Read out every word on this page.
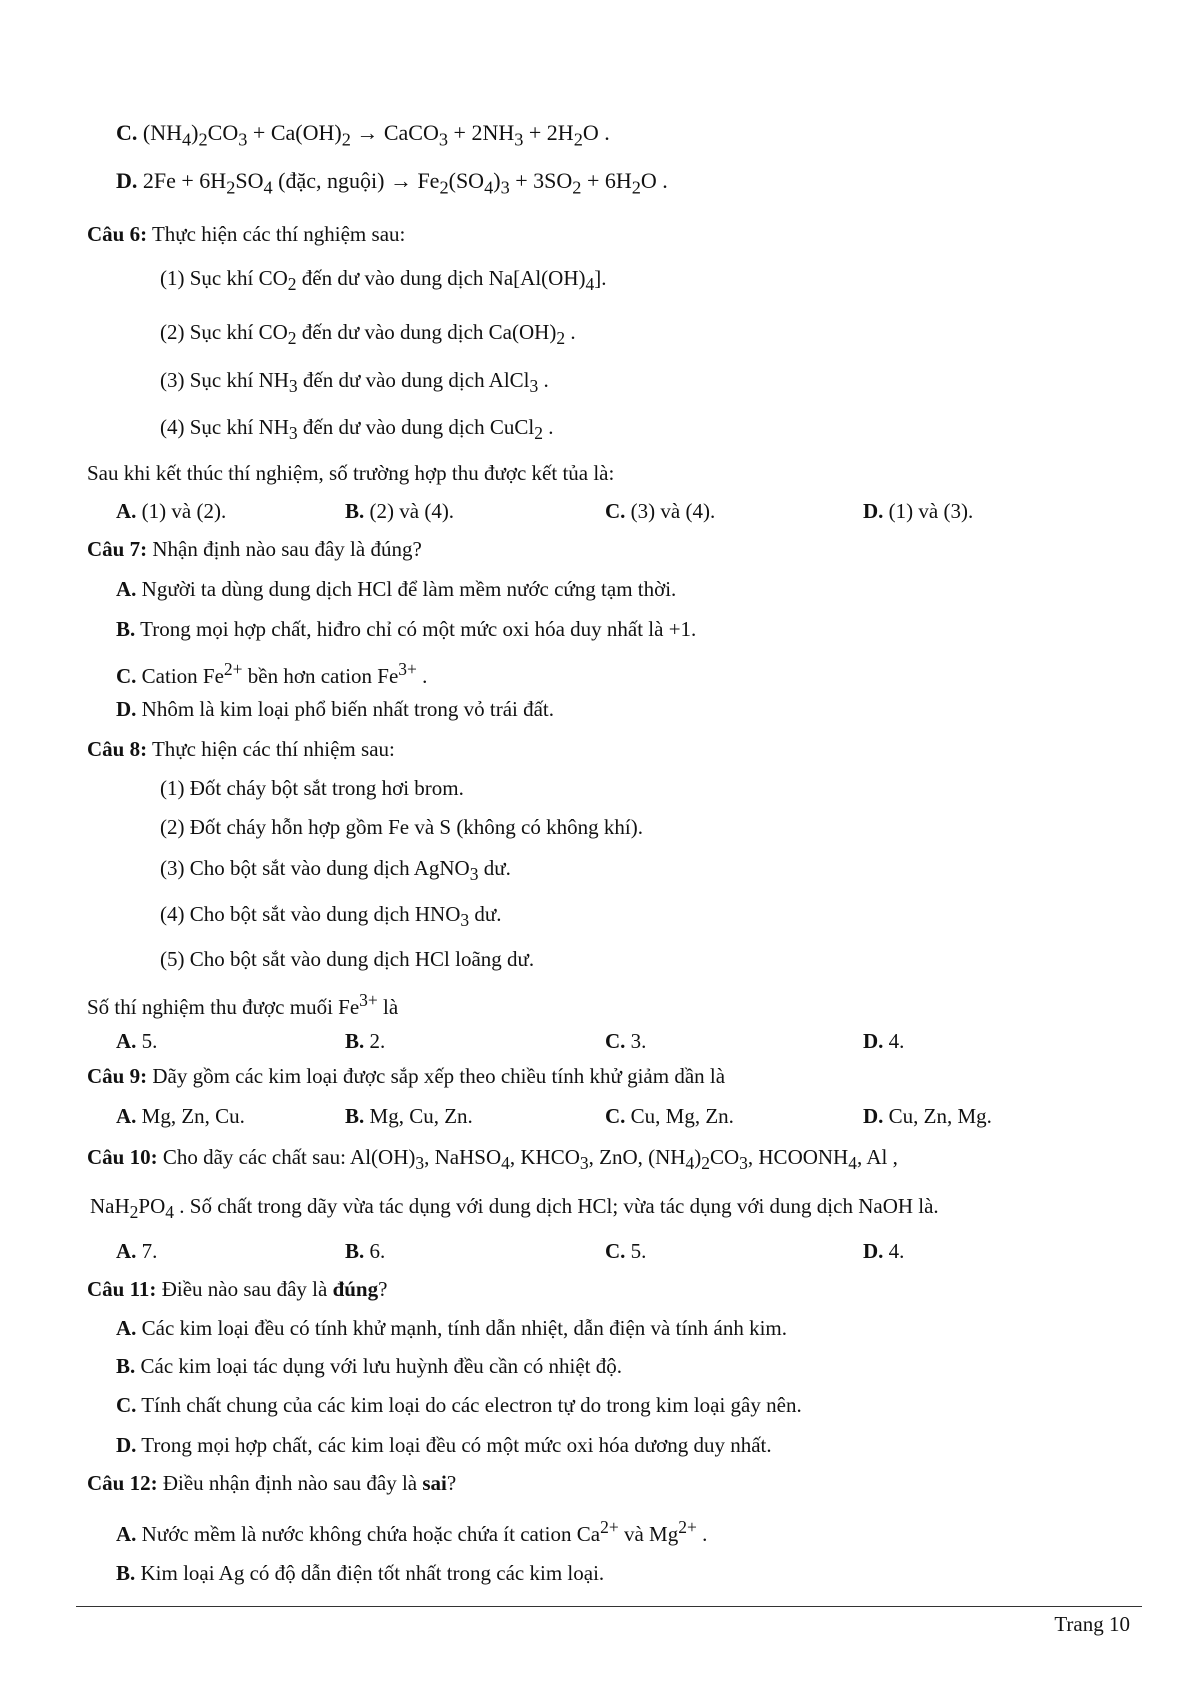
C. $(NH_4)_2CO_3 + Ca(OH)_2$ → CaCO$_3$ + $2NH_3 + 2H_2O$ .
D. $2Fe + 6H_2SO_4$ (đặc, nguội) → $Fe_2(SO_4)_3 + 3SO_2 + 6H_2O$ .
Câu 6: Thực hiện các thí nghiệm sau:
(1) Sục khí $CO_2$ đến dư vào dung dịch $Na[Al(OH)_4]$.
(2) Sục khí $CO_2$ đến dư vào dung dịch $Ca(OH)_2$ .
(3) Sục khí $NH_3$ đến dư vào dung dịch AlCl$_3$ .
(4) Sục khí $NH_3$ đến dư vào dung dịch CuCl$_2$ .
Sau khi kết thúc thí nghiệm, số trường hợp thu được kết tủa là:
A. (1) và (2).	B. (2) và (4).	C. (3) và (4).	D. (1) và (3).
Câu 7: Nhận định nào sau đây là đúng?
A. Người ta dùng dung dịch HCl để làm mềm nước cứng tạm thời.
B. Trong mọi hợp chất, hiđro chỉ có một mức oxi hóa duy nhất là +1.
C. Cation $Fe^{2+}$ bền hơn cation $Fe^{3+}$ .
D. Nhôm là kim loại phổ biến nhất trong vỏ trái đất.
Câu 8: Thực hiện các thí nhiệm sau:
(1) Đốt cháy bột sắt trong hơi brom.
(2) Đốt cháy hỗn hợp gồm Fe và S (không có không khí).
(3) Cho bột sắt vào dung dịch AgNO$_3$ dư.
(4) Cho bột sắt vào dung dịch $HNO_3$ dư.
(5) Cho bột sắt vào dung dịch HCl loãng dư.
Số thí nghiệm thu được muối $Fe^{3+}$ là
A. 5.	B. 2.	C. 3.	D. 4.
Câu 9: Dãy gồm các kim loại được sắp xếp theo chiều tính khử giảm dần là
A. Mg, Zn, Cu.	B. Mg, Cu, Zn.	C. Cu, Mg, Zn.	D. Cu, Zn, Mg.
Câu 10: Cho dãy các chất sau: $Al(OH)_3$, NaHSO$_4$, $KHCO_3$, ZnO, $(NH_4)_2CO_3$, $HCOONH_4$, Al ,
$NaH_2PO_4$ . Số chất trong dãy vừa tác dụng với dung dịch HCl; vừa tác dụng với dung dịch NaOH là.
A. 7.	B. 6.	C. 5.	D. 4.
Câu 11: Điều nào sau đây là đúng?
A. Các kim loại đều có tính khử mạnh, tính dẫn nhiệt, dẫn điện và tính ánh kim.
B. Các kim loại tác dụng với lưu huỳnh đều cần có nhiệt độ.
C. Tính chất chung của các kim loại do các electron tự do trong kim loại gây nên.
D. Trong mọi hợp chất, các kim loại đều có một mức oxi hóa dương duy nhất.
Câu 12: Điều nhận định nào sau đây là sai?
A. Nước mềm là nước không chứa hoặc chứa ít cation $Ca^{2+}$ và $Mg^{2+}$ .
B. Kim loại Ag có độ dẫn điện tốt nhất trong các kim loại.
Trang 10
